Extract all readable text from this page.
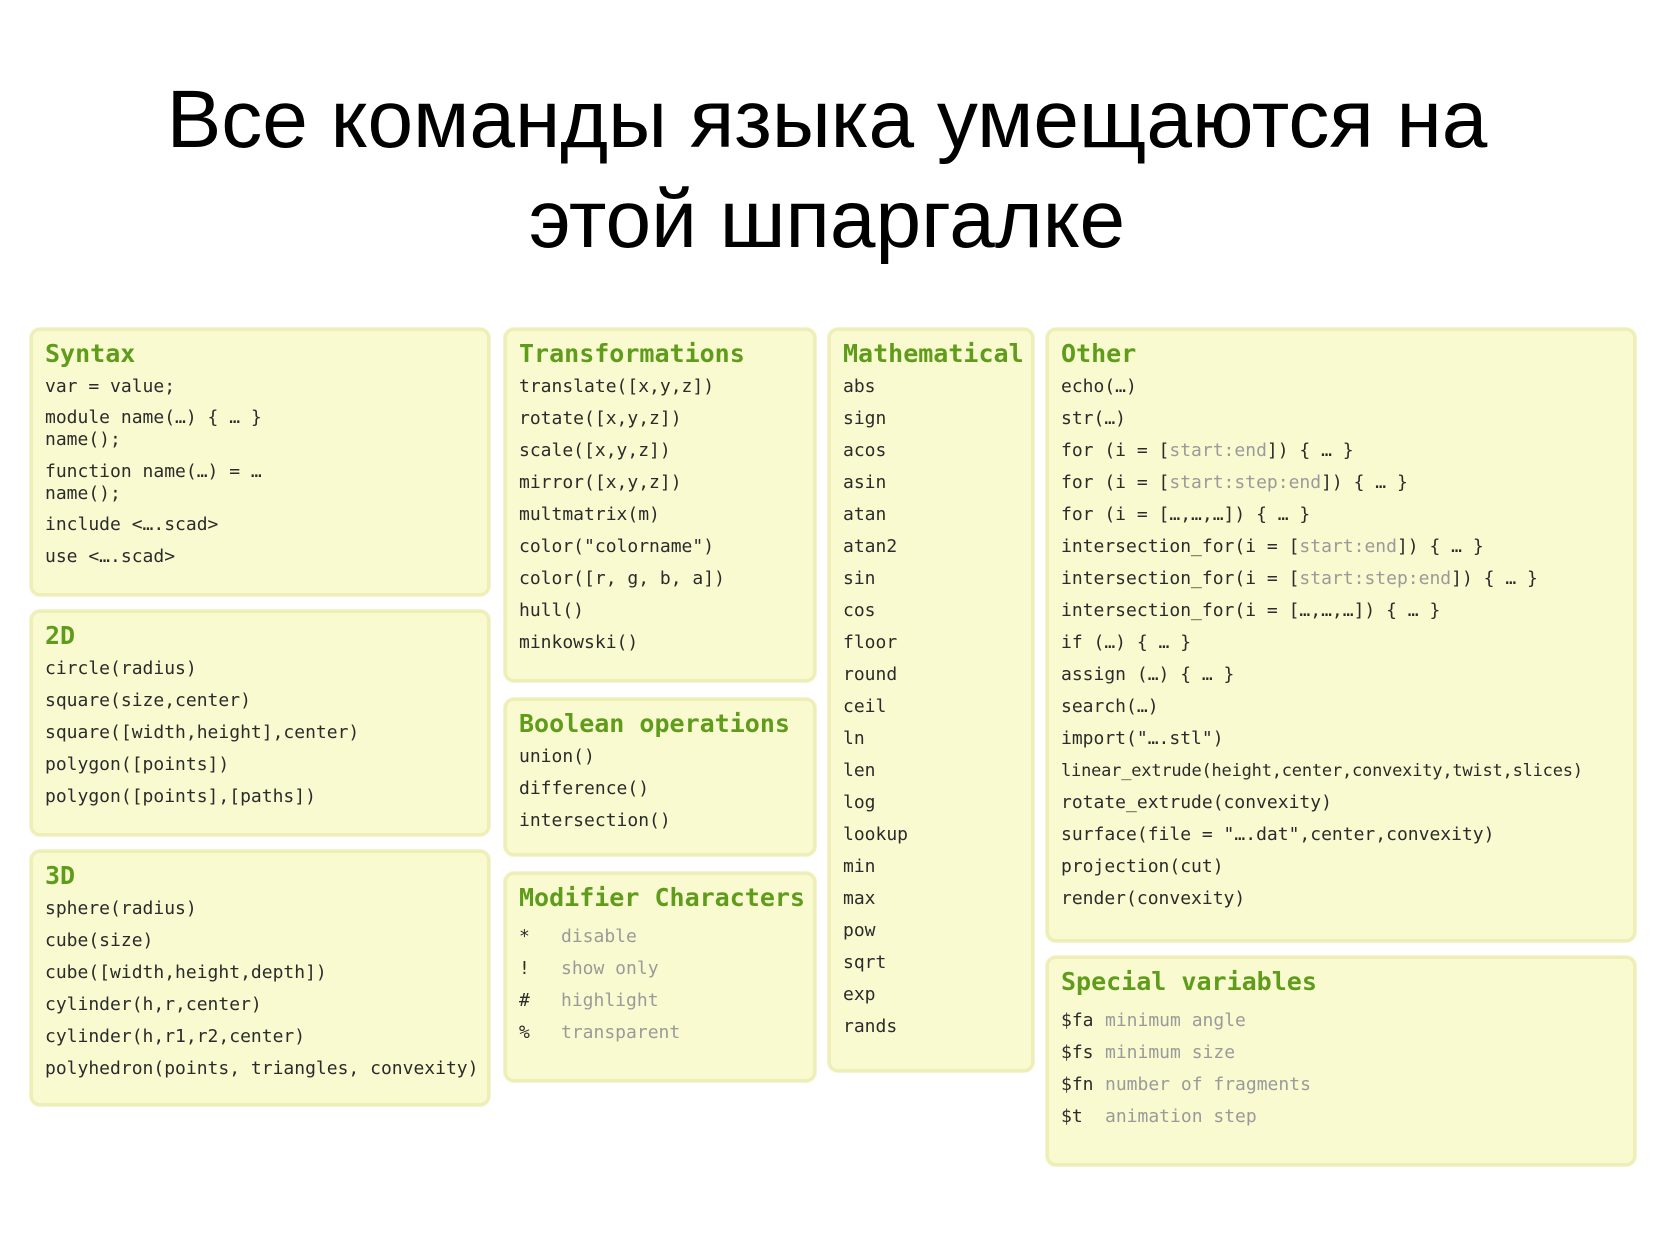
Все команды языка умещаются на
этой шпаргалке
Syntax
var = value;
module name(…) { … }
name();
function name(…) = …
name();
include <….scad>
use <….scad>
2D
circle(radius)
square(size,center)
square([width,height],center)
polygon([points])
polygon([points],[paths])
3D
sphere(radius)
cube(size)
cube([width,height,depth])
cylinder(h,r,center)
cylinder(h,r1,r2,center)
polyhedron(points, triangles, convexity)
Transformations
translate([x,y,z])
rotate([x,y,z])
scale([x,y,z])
mirror([x,y,z])
multmatrix(m)
color("colorname")
color([r, g, b, a])
hull()
minkowski()
Boolean operations
union()
difference()
intersection()
Modifier Characters
* disable
! show only
# highlight
% transparent
Mathematical
abs
sign
acos
asin
atan
atan2
sin
cos
floor
round
ceil
ln
len
log
lookup
min
max
pow
sqrt
exp
rands
Other
echo(…)
str(…)
for (i = [start:end]) { … }
for (i = [start:step:end]) { … }
for (i = […,…,…]) { … }
intersection_for(i = [start:end]) { … }
intersection_for(i = [start:step:end]) { … }
intersection_for(i = […,…,…]) { … }
if (…) { … }
assign (…) { … }
search(…)
import("….stl")
linear_extrude(height,center,convexity,twist,slices)
rotate_extrude(convexity)
surface(file = "….dat",center,convexity)
projection(cut)
render(convexity)
Special variables
$fa minimum angle
$fs minimum size
$fn number of fragments
$t animation step
